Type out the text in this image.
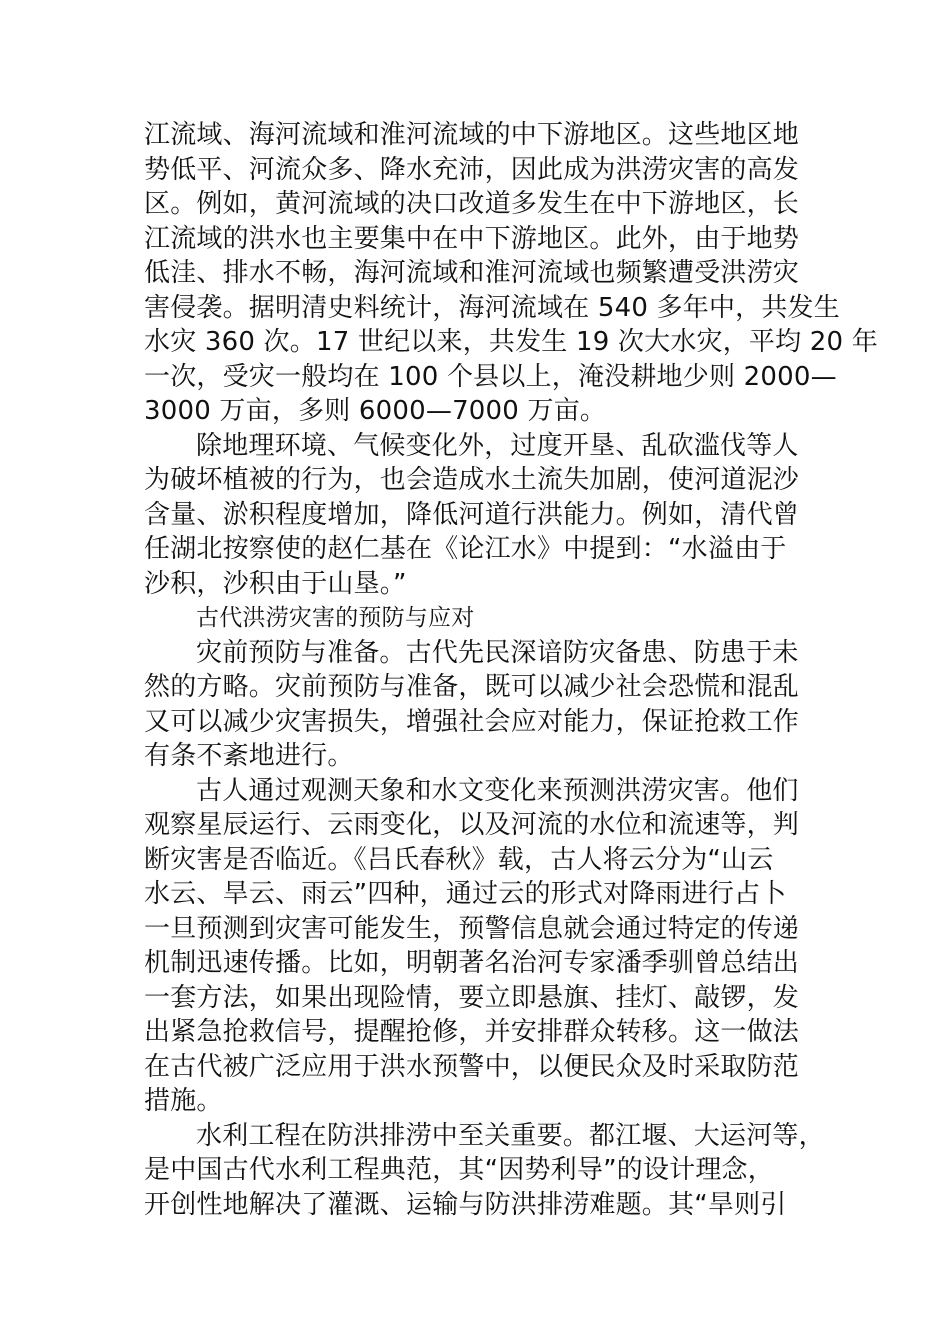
江流域、海河流域和淮河流域的中下游地区。这些地区地
势低平、河流众多、降水充沛，因此成为洪涝灾害的高发
区。例如，黄河流域的决口改道多发生在中下游地区，长
江流域的洪水也主要集中在中下游地区。此外，由于地势
低洼、排水不畅，海河流域和淮河流域也频繁遭受洪涝灾
害侵袭。据明清史料统计，海河流域在 540 多年中，共发生
水灾 360 次。17 世纪以来，共发生 19 次大水灾，平均 20 年
一次，受灾一般均在 100 个县以上，淹没耕地少则 2000—
3000 万亩，多则 6000—7000 万亩。
除地理环境、气候变化外，过度开垦、乱砍滥伐等人
为破坏植被的行为，也会造成水土流失加剧，使河道泥沙
含量、淤积程度增加，降低河道行洪能力。例如，清代曾
任湖北按察使的赵仁基在《论江水》中提到：“水溢由于
沙积，沙积由于山垦。”
古代洪涝灾害的预防与应对
灾前预防与准备。古代先民深谙防灾备患、防患于未
然的方略。灾前预防与准备，既可以减少社会恐慌和混乱
又可以减少灾害损失，增强社会应对能力，保证抢救工作
有条不紊地进行。
古人通过观测天象和水文变化来预测洪涝灾害。他们
观察星辰运行、云雨变化，以及河流的水位和流速等，判
断灾害是否临近。《吕氏春秋》载，古人将云分为“山云
水云、旱云、雨云”四种，通过云的形式对降雨进行占卜
一旦预测到灾害可能发生，预警信息就会通过特定的传递
机制迅速传播。比如，明朝著名治河专家潘季驯曾总结出
一套方法，如果出现险情，要立即悬旗、挂灯、敲锣，发
出紧急抢救信号，提醒抢修，并安排群众转移。这一做法
在古代被广泛应用于洪水预警中，以便民众及时采取防范
措施。
水利工程在防洪排涝中至关重要。都江堰、大运河等，
是中国古代水利工程典范，其“因势利导”的设计理念，
开创性地解决了灌溉、运输与防洪排涝难题。其“旱则引
